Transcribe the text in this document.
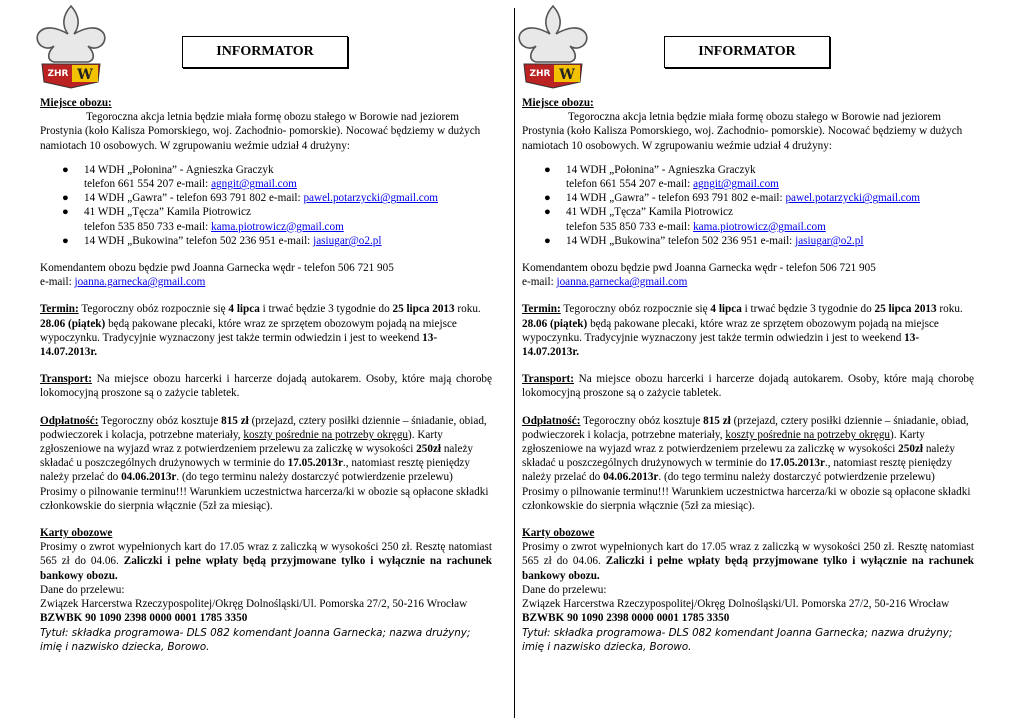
ZHR W
INFORMATOR

Miejsce obozu:

Tegoroczna akcja letnia będzie miała formę obozu stałego w Borowie nad jeziorem Prostynia (koło Kalisza Pomorskiego, woj. Zachodnio- pomorskie). Nocować będziemy w dużych namiotach 10 osobowych. W zgrupowaniu weźmie udział 4 drużyny:

● 14 WDH „Połonina” - Agnieszka Graczyk
telefon 661 554 207 e-mail: agngit@gmail.com
● 14 WDH „Gawra” - telefon 693 791 802 e-mail: pawel.potarzycki@gmail.com
● 41 WDH „Tęcza” Kamila Piotrowicz
telefon 535 850 733 e-mail: kama.piotrowicz@gmail.com
● 14 WDH „Bukowina” telefon 502 236 951 e-mail: jasiugar@o2.pl

Komendantem obozu będzie pwd Joanna Garnecka wędr - telefon 506 721 905

e-mail: joanna.garnecka@gmail.com

Termin: Tegoroczny obóz rozpocznie się 4 lipca i trwać będzie 3 tygodnie do 25 lipca 2013 roku. 28.06 (piątek) będą pakowane plecaki, które wraz ze sprzętem obozowym pojadą na miejsce wypoczynku. Tradycyjnie wyznaczony jest także termin odwiedzin i jest to weekend 13-14.07.2013r.

Transport: Na miejsce obozu harcerki i harcerze dojadą autokarem. Osoby, które mają chorobę lokomocyjną proszone są o zażycie tabletek.

Odpłatność: Tegoroczny obóz kosztuje 815 zł (przejazd, cztery posiłki dziennie – śniadanie, obiad, podwieczorek i kolacja, potrzebne materiały, koszty pośrednie na potrzeby okręgu). Karty zgłoszeniowe na wyjazd wraz z potwierdzeniem przelewu za zaliczkę w wysokości 250zł należy składać u poszczególnych drużynowych w terminie do 17.05.2013r., natomiast resztę pieniędzy należy przelać do 04.06.2013r. (do tego terminu należy dostarczyć potwierdzenie przelewu) Prosimy o pilnowanie terminu!!! Warunkiem uczestnictwa harcerza/ki w obozie są opłacone składki członkowskie do sierpnia włącznie (5zł za miesiąc).

Karty obozowe

Prosimy o zwrot wypełnionych kart do 17.05 wraz z zaliczką w wysokości 250 zł. Resztę natomiast 565 zł do 04.06. Zaliczki i pełne wpłaty będą przyjmowane tylko i wyłącznie na rachunek bankowy obozu.

Dane do przelewu:

Związek Harcerstwa Rzeczypospolitej/Okręg Dolnośląski/Ul. Pomorska 27/2, 50-216 Wrocław

BZWBK 90 1090 2398 0000 0001 1785 3350

Tytuł: składka programowa- DLS 082 komendant Joanna Garnecka; nazwa drużyny; imię i nazwisko dziecka, Borowo.

ZHR W
INFORMATOR

Miejsce obozu:

Tegoroczna akcja letnia będzie miała formę obozu stałego w Borowie nad jeziorem Prostynia (koło Kalisza Pomorskiego, woj. Zachodnio- pomorskie). Nocować będziemy w dużych namiotach 10 osobowych. W zgrupowaniu weźmie udział 4 drużyny:

● 14 WDH „Połonina” - Agnieszka Graczyk
telefon 661 554 207 e-mail: agngit@gmail.com
● 14 WDH „Gawra” - telefon 693 791 802 e-mail: pawel.potarzycki@gmail.com
● 41 WDH „Tęcza” Kamila Piotrowicz
telefon 535 850 733 e-mail: kama.piotrowicz@gmail.com
● 14 WDH „Bukowina” telefon 502 236 951 e-mail: jasiugar@o2.pl

Komendantem obozu będzie pwd Joanna Garnecka wędr - telefon 506 721 905

e-mail: joanna.garnecka@gmail.com

Termin: Tegoroczny obóz rozpocznie się 4 lipca i trwać będzie 3 tygodnie do 25 lipca 2013 roku. 28.06 (piątek) będą pakowane plecaki, które wraz ze sprzętem obozowym pojadą na miejsce wypoczynku. Tradycyjnie wyznaczony jest także termin odwiedzin i jest to weekend 13-14.07.2013r.

Transport: Na miejsce obozu harcerki i harcerze dojadą autokarem. Osoby, które mają chorobę lokomocyjną proszone są o zażycie tabletek.

Odpłatność: Tegoroczny obóz kosztuje 815 zł (przejazd, cztery posiłki dziennie – śniadanie, obiad, podwieczorek i kolacja, potrzebne materiały, koszty pośrednie na potrzeby okręgu). Karty zgłoszeniowe na wyjazd wraz z potwierdzeniem przelewu za zaliczkę w wysokości 250zł należy składać u poszczególnych drużynowych w terminie do 17.05.2013r., natomiast resztę pieniędzy należy przelać do 04.06.2013r. (do tego terminu należy dostarczyć potwierdzenie przelewu) Prosimy o pilnowanie terminu!!! Warunkiem uczestnictwa harcerza/ki w obozie są opłacone składki członkowskie do sierpnia włącznie (5zł za miesiąc).

Karty obozowe

Prosimy o zwrot wypełnionych kart do 17.05 wraz z zaliczką w wysokości 250 zł. Resztę natomiast 565 zł do 04.06. Zaliczki i pełne wpłaty będą przyjmowane tylko i wyłącznie na rachunek bankowy obozu.

Dane do przelewu:

Związek Harcerstwa Rzeczypospolitej/Okręg Dolnośląski/Ul. Pomorska 27/2, 50-216 Wrocław

BZWBK 90 1090 2398 0000 0001 1785 3350

Tytuł: składka programowa- DLS 082 komendant Joanna Garnecka; nazwa drużyny; imię i nazwisko dziecka, Borowo.
